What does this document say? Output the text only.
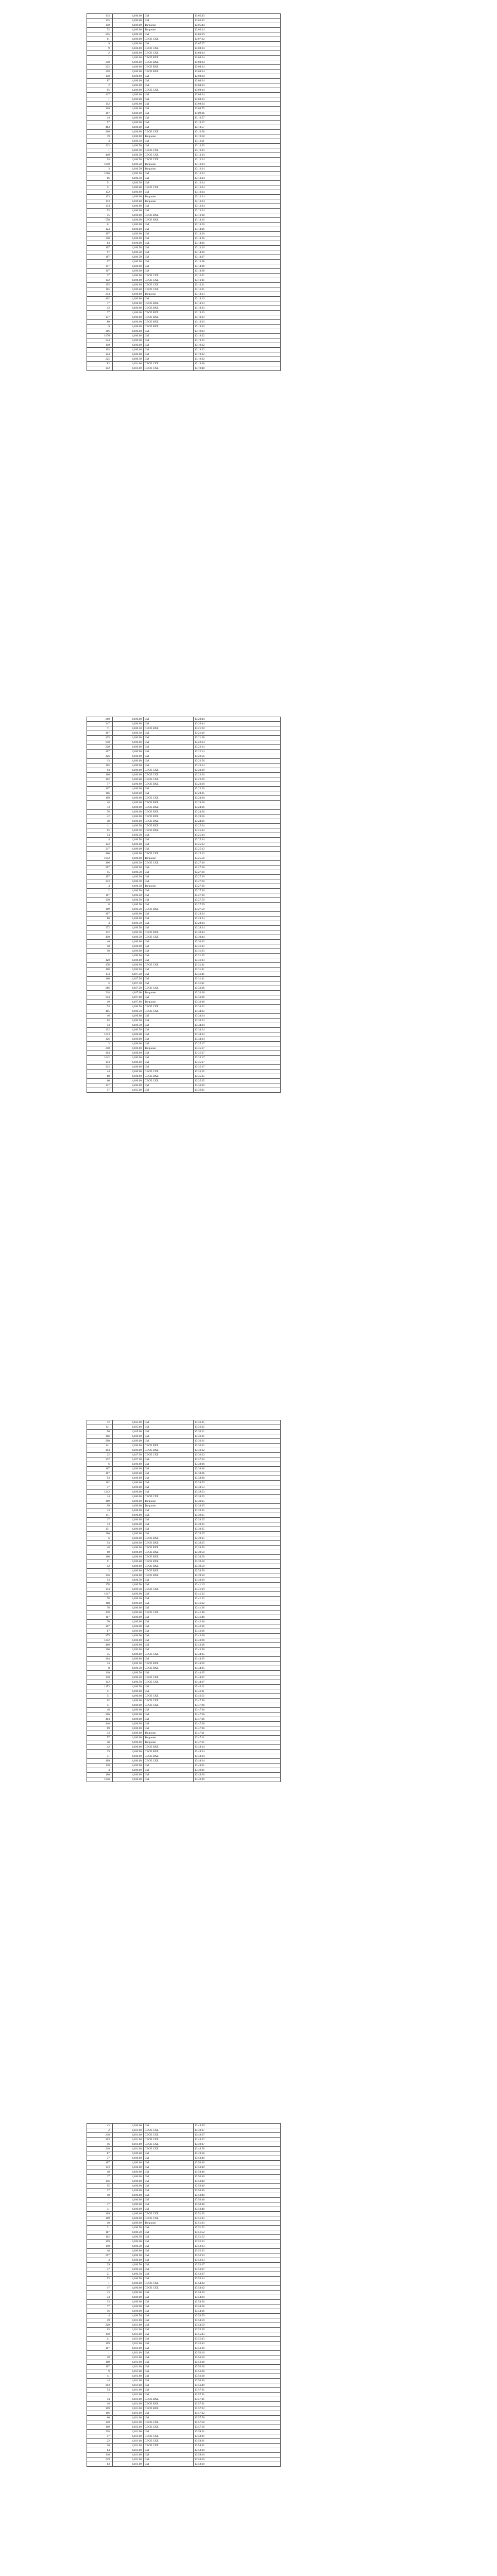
113	4,100.00	LM	13:05:43
135	4,100.00	LM	13:05:43
150	4,100.00	Turquoise	13:05:44
52	4,100.00	Turquoise	13:06:14
255	4,100.50	LM	13:06:19
61	4,100.00	CBOE CXE	13:07:12
9	4,100.00	LM	13:07:27
9	4,100.00	CBOE CXE	13:08:34
2	4,100.00	CBOE CXE	13:08:34
1	4,100.00	CBOE BXE	13:08:34
258	4,100.00	CBOE BXE	13:08:34
222	4,100.00	CBOE BXE	13:08:34
228	4,100.00	CBOE BXE	13:08:34
130	4,100.00	LM	13:08:34
87	4,100.00	LM	13:08:34
2	4,100.00	LM	13:08:34
95	4,100.00	CBOE CXE	13:08:34
117	4,100.00	LM	13:08:34
1	4,100.00	LM	13:08:34
142	4,100.00	LM	13:08:34
109	4,100.00	LM	13:08:55
107	4,100.00	LM	13:09:06
44	4,100.00	LM	13:10:57
57	4,100.00	LM	13:10:57
463	4,100.00	LM	13:10:57
200	4,100.00	CBOE CXE	13:10:58
19	4,100.00	Turquoise	13:10:58
4	4,100.50	LM	13:12:11
113	4,100.50	LM	13:13:03
1	4,100.50	CBOE CXE	13:13:03
440	4,100.50	CBOE CXE	13:13:24
54	4,100.50	CBOE CXE	13:13:24
1040	4,100.50	Turquoise	13:13:24
3	4,100.50	Turquoise	13:13:24
1006	4,100.50	LM	13:13:24
66	4,100.50	LM	13:13:24
51	4,100.50	LM	13:13:24
51	4,100.00	CBOE CXE	13:13:24
132	4,100.00	LM	13:13:24
133	4,100.00	Turquoise	13:13:24
113	4,100.00	Turquoise	13:13:24
134	4,100.00	LM	13:13:24
93	4,100.00	LM	13:13:24
15	4,100.00	CBOE BXE	13:13:38
558	4,100.00	CBOE BXE	13:14:16
61	4,100.00	LM	13:14:26
123	4,100.00	LM	13:14:26
107	4,100.00	LM	13:14:26
150	4,100.00	LM	13:14:26
84	4,100.00	LM	13:14:26
107	4,100.50	LM	13:14:26
97	4,100.50	LM	13:14:26
107	4,100.50	LM	13:14:07
97	4,100.50	LM	13:14:08
117	4,100.00	LM	13:14:08
107	4,100.00	LM	13:14:08
37	4,100.00	CBOE CXE	13:16:21
152	4,100.00	CBOE CXE	13:16:21
155	4,100.00	CBOE CXE	13:16:21
165	4,100.00	CBOE CXE	13:16:21
244	4,100.00	Turquoise	13:18:13
402	4,100.00	LM	13:18:13
77	4,100.00	CBOE BXE	13:18:13
12	4,100.00	CBOE BXE	13:19:03
27	4,100.00	CBOE BXE	13:19:03
137	4,100.00	CBOE BXE	13:19:03
80	4,100.00	CBOE BXE	13:19:03
9	4,100.00	CBOE BXE	13:19:03
306	4,100.00	LM	13:19:03
1070	4,100.00	LM	13:19:22
244	4,100.00	LM	13:19:22
110	4,100.00	LM	13:19:22
103	4,100.00	LM	13:19:22
124	4,100.00	LM	13:19:22
225	4,100.50	LM	13:19:22
82	4,101.00	CBOE CXE	13:19:48
152	4,101.00	CBOE CXE	13:19:48
200	4,100.00	LM	13:20:44
247	4,100.00	LM	13:20:44
71	4,100.50	CBOE BXE	13:21:20
107	4,100.50	LM	13:21:20
425	4,100.00	LM	13:21:38
618	4,100.00	LM	13:22:14
220	4,100.00	LM	13:22:14
107	4,100.00	LM	13:22:14
126	4,100.00	LM	13:22:56
13	4,100.00	LM	13:22:56
105	4,100.00	LM	13:23:14
94	4,100.00	CBOE CXE	13:23:20
106	4,100.00	CBOE CXE	13:23:20
102	4,100.00	CBOE CXE	13:23:20
77	4,100.00	CBOE BXE	13:23:20
107	4,100.00	LM	13:23:20
106	4,100.00	LM	13:24:05
109	4,100.00	CBOE CXE	13:24:36
48	4,100.00	CBOE BXE	13:24:36
73	4,100.00	CBOE BXE	13:24:36
76	4,100.00	CBOE BXE	13:24:36
42	4,100.00	CBOE BXE	13:24:36
58	4,100.00	CBOE BXE	13:24:36
11	4,100.50	CBOE BXE	13:25:04
95	4,100.50	CBOE BXE	13:25:04
54	4,100.50	LM	13:25:04
4	4,100.50	LM	13:25:04
122	4,100.00	LM	13:25:12
217	4,100.00	LM	13:25:12
460	4,100.00	CBOE CXE	13:25:12
1042	4,100.00	Turquoise	13:25:58
106	4,100.50	CBOE CXE	13:27:30
307	4,100.50	LM	13:27:30
15	4,100.50	LM	13:27:30
107	4,100.50	LM	13:27:30
223	4,100.50	LM	13:27:30
4	4,100.50	Turquoise	13:27:30
2	4,100.50	LM	13:27:30
107	4,100.50	LM	13:27:30
130	4,100.50	LM	13:27:59
8	4,100.50	LM	13:27:59
109	4,100.50	CBOE BXE	13:27:59
107	4,100.00	LM	13:28:24
80	4,100.00	LM	13:28:24
4	4,100.50	LM	13:28:24
272	4,100.50	LM	13:28:24
112	4,100.50	CBOE BXE	13:30:44
450	4,100.50	CBOE CXE	13:30:44
46	4,100.00	LM	13:30:03
18	4,100.00	LM	13:31:03
50	4,100.00	LM	13:31:03
1	4,100.00	LM	13:31:03
420	4,100.00	LM	13:31:03
478	4,100.00	CBOE CXE	13:31:41
408	4,100.50	LM	13:31:41
174	4,107.50	LM	13:31:41
366	4,107.50	LM	13:31:41
5	4,107.50	LM	13:31:41
266	4,107.50	CBOE CXE	13:33:06
218	4,107.00	Turquoise	13:33:06
244	4,107.00	LM	13:33:06
10	4,107.00	Turquoise	13:33:06
74	4,100.50	CBOE CXE	13:34:22
405	4,100.50	CBOE CXE	13:34:22
46	4,100.00	LM	13:34:24
63	4,100.50	LM	13:34:24
14	4,100.50	LM	13:34:24
132	4,100.50	LM	13:34:24
1033	4,100.00	LM	13:34:24
126	4,100.00	LM	13:34:24
3	4,100.00	LM	13:35:17
250	4,100.00	Turquoise	13:35:17
194	4,100.00	LM	13:35:17
1042	4,100.00	LM	13:35:17
113	4,100.00	LM	13:35:17
212	4,100.00	LM	13:35:17
44	4,100.00	CBOE CXE	13:35:35
80	4,100.00	CBOE BXE	13:35:35
66	4,100.00	CBOE CXE	13:35:35
117	4,100.00	LM	13:36:20
57	4,105.00	LM	13:36:21
12	4,105.00	LM	13:36:21
111	4,105.00	LM	13:36:21
50	4,105.00	LM	13:36:21
106	4,100.00	LM	13:36:21
208	4,100.00	LM	13:36:21
141	4,100.00	CBOE BXE	13:36:32
194	4,100.00	CBOE BXE	13:36:32
22	4,107.50	CBOE CXE	13:36:32
172	4,107.50	LM	13:37:32
6	4,100.00	LM	13:38:06
107	4,100.00	LM	13:38:06
107	4,100.00	LM	13:38:06
93	4,100.00	LM	13:38:06
162	4,100.00	LM	13:38:53
17	4,100.00	LM	13:38:53
1242	4,100.00	LM	13:38:53
14	4,100.00	CBOE CXE	13:38:53
109	4,100.00	Turquoise	13:39:25
99	4,100.00	Turquoise	13:39:25
13	4,100.00	LM	13:39:25
111	4,100.00	LM	13:39:25
17	4,100.00	LM	13:39:25
13	4,100.00	LM	13:39:25
131	4,100.00	LM	13:39:25
100	4,100.00	LM	13:39:25
6	4,100.00	CBOE BXE	13:39:25
54	4,100.00	CBOE BXE	13:39:25
48	4,100.00	CBOE BXE	13:39:50
60	4,100.00	CBOE BXE	13:39:50
106	4,100.00	CBOE BXE	13:39:50
91	4,100.00	CBOE BXE	13:39:50
42	4,100.00	CBOE BXE	13:39:50
2	4,100.00	CBOE BXE	13:39:50
116	4,100.00	CBOE BXE	13:39:50
53	4,100.50	LM	13:40:19
178	4,100.50	LM	13:41:19
114	4,100.50	CBOE CXE	13:41:19
1647	4,100.00	LM	13:41:22
78	4,100.50	LM	13:41:22
108	4,100.00	LM	13:41:32
76	4,100.00	LM	13:41:36
478	4,100.00	CBOE CXE	13:41:48
107	4,100.00	LM	13:41:48
70	4,100.00	LM	13:42:06
107	4,100.00	LM	13:42:36
87	4,100.00	LM	13:43:06
475	4,100.00	LM	13:43:06
1252	4,100.00	LM	13:43:06
469	4,100.00	LM	13:43:06
100	4,100.00	LM	13:43:06
35	4,100.00	CBOE CXE	13:44:05
204	4,100.00	LM	13:44:05
34	4,100.50	CBOE BXE	13:44:05
8	4,100.50	CBOE BXE	13:44:05
110	4,100.50	LM	13:44:05
110	4,100.50	CBOE CXE	13:44:07
112	4,100.50	CBOE CXE	13:44:07
1153	4,100.50	LM	13:46:11
51	4,100.00	LM	13:46:11
51	4,100.00	CBOE CXE	13:46:51
62	4,100.00	CBOE CXE	13:47:06
51	4,100.00	CBOE CXE	13:47:06
48	4,100.00	LM	13:47:06
206	4,100.00	LM	13:47:06
404	4,100.00	LM	13:47:06
446	4,100.00	LM	13:47:06
89	4,100.00	LM	13:47:06
33	4,100.00	Turquoise	13:47:11
97	4,100.00	Turquoise	13:47:11
48	4,100.00	Turquoise	13:47:31
42	4,100.00	CBOE BXE	13:48:34
29	4,100.00	CBOE BXE	13:48:34
31	4,100.00	CBOE BXE	13:48:34
109	4,100.00	CBOE CXE	13:48:34
110	4,100.00	LM	13:49:01
4	4,100.00	LM	13:49:01
100	4,100.00	LM	13:49:09
1020	4,100.00	LM	13:49:09
43	4,100.00	LM	13:49:09
2	4,101.00	CBOE CXE	13:49:27
218	4,101.00	CBOE CXE	13:49:27
203	4,101.00	CBOE CXE	13:49:27
46	4,101.00	CBOE CXE	13:49:27
210	4,101.00	CBOE CXE	13:49:58
87	4,100.00	LM	13:49:58
37	4,100.00	LM	13:50:40
107	4,100.00	LM	13:50:40
113	4,100.00	LM	13:50:40
40	4,100.00	LM	13:50:40
17	4,100.00	LM	13:50:40
146	4,100.00	LM	13:50:40
55	4,100.00	LM	13:50:40
37	4,100.00	LM	13:50:40
50	4,100.00	LM	13:50:40
1	4,100.00	LM	13:50:48
17	4,100.00	LM	13:50:48
11	4,100.00	LM	13:50:48
109	4,100.00	CBOE CXE	13:51:03
109	4,100.00	CBOE CXE	13:51:03
40	4,100.00	Turquoise	13:51:03
21	4,100.50	LM	13:51:52
187	4,100.50	LM	13:51:52
102	4,100.50	LM	13:51:52
109	4,100.00	LM	13:52:33
110	4,100.50	LM	13:52:33
48	4,100.00	LM	13:52:33
257	4,100.50	LM	13:52:33
4	4,100.00	LM	13:52:33
29	4,100.50	LM	13:53:07
47	4,100.50	LM	13:53:07
21	4,100.50	LM	13:53:07
53	4,100.50	LM	13:53:44
1	4,100.00	CBOE CXE	13:54:02
47	4,100.00	CBOE CXE	13:54:02
43	4,100.00	LM	13:54:10
54	4,100.00	LM	13:54:10
33	4,100.00	LM	13:54:36
77	4,100.00	LM	13:54:36
16	4,100.00	LM	13:54:36
4	4,100.50	LM	13:54:59
49	4,101.00	LM	13:54:59
220	4,101.00	LM	13:54:59
63	4,101.00	LM	13:55:09
110	4,101.00	LM	13:55:43
41	4,101.00	LM	13:55:43
109	4,101.00	LM	13:55:43
107	4,101.00	LM	13:56:10
1	4,101.00	LM	13:56:10
38	4,101.00	LM	13:56:10
100	4,101.00	LM	13:56:28
107	4,101.00	LM	13:56:28
9	4,101.00	LM	13:56:28
41	4,101.00	LM	13:56:28
14	4,101.00	LM	13:56:40
203	4,101.00	LM	13:56:49
54	4,101.00	LM	13:57:01
1	4,101.00	LM	13:57:01
14	4,101.00	CBOE BXE	13:57:01
16	4,101.00	CBOE BXE	13:57:01
109	4,101.00	CBOE BXE	13:57:32
106	4,101.00	LM	13:57:32
66	4,101.00	LM	13:57:56
110	4,101.00	CBOE CXE	13:57:56
109	4,101.00	CBOE CXE	13:57:56
138	4,101.00	LM	13:58:01
57	4,101.00	CBOE CXE	13:58:01
22	4,101.00	CBOE CXE	13:58:01
20	4,101.00	CBOE CXE	13:58:01
84	4,101.00	LM	13:58:10
110	4,101.00	LM	13:58:10
219	4,101.00	LM	13:58:10
83	4,101.00	LM	13:58:10
